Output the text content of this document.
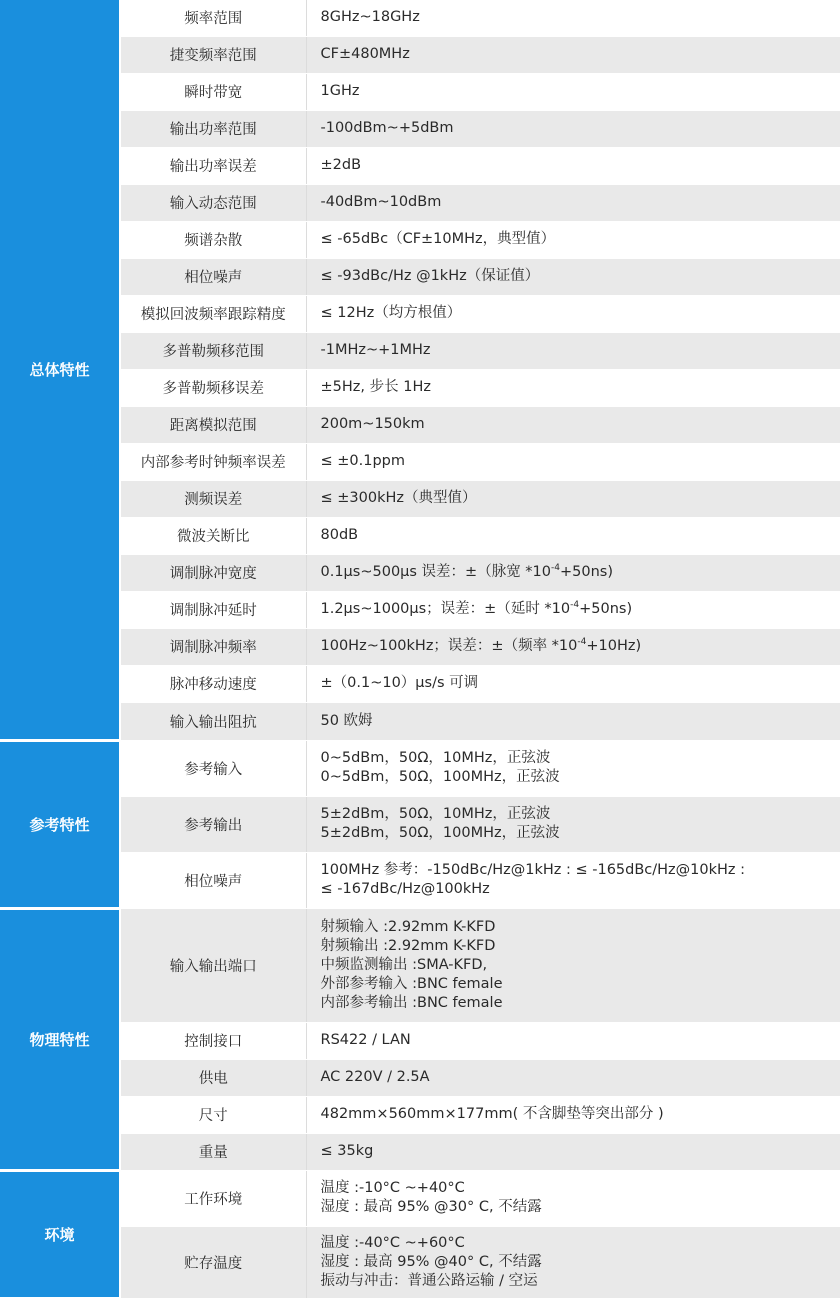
总体特性	频率范围	8GHz~18GHz
	捷变频率范围	CF±480MHz
	瞬时带宽	1GHz
	输出功率范围	-100dBm~+5dBm
	输出功率误差	±2dB
	输入动态范围	-40dBm~10dBm
	频谱杂散	≤ -65dBc（CF±10MHz，典型值）
	相位噪声	≤ -93dBc/Hz @1kHz（保证值）
	模拟回波频率跟踪精度	≤ 12Hz（均方根值）
	多普勒频移范围	-1MHz~+1MHz
	多普勒频移误差	±5Hz, 步长 1Hz
	距离模拟范围	200m~150km
	内部参考时钟频率误差	≤ ±0.1ppm
	测频误差	≤ ±300kHz（典型值）
	微波关断比	80dB
	调制脉冲宽度	0.1μs~500μs 误差：±（脉宽 $*10^{-4}+50ns$)
	调制脉冲延时	1.2μs~1000μs；误差：±（延时 $*10^{-4}+50ns$)
	调制脉冲频率	100Hz~100kHz；误差：±（频率 $*10^{-4}+10Hz$)
	脉冲移动速度	±（0.1~10）μs/s 可调
	输入输出阻抗	50 欧姆
参考特性	参考输入	0~5dBm，50Ω，10MHz，正弦波
0~5dBm，50Ω，100MHz，正弦波

	参考输出	5±2dBm，50Ω，10MHz，正弦波
5±2dBm，50Ω，100MHz，正弦波

	相位噪声	100MHz 参考：-150dBc/Hz@1kHz : ≤ -165dBc/Hz@10kHz :
≤ -167dBc/Hz@100kHz

物理特性	输入输出端口	射频输入 :2.92mm K-KFD
射频输出 :2.92mm K-KFD
中频监测输出 :SMA-KFD,
外部参考输入 :BNC female
内部参考输出 :BNC female

	控制接口	RS422 / LAN
	供电	AC 220V / 2.5A
	尺寸	482mm×560mm×177mm( 不含脚垫等突出部分 )
	重量	≤ 35kg
环境	工作环境	温度 :-10°C ~+40°C
湿度 : 最高 95% @30° C, 不结露

	贮存温度	温度 :-40°C ~+60°C
湿度 : 最高 95% @40° C, 不结露
振动与冲击：普通公路运输 / 空运
